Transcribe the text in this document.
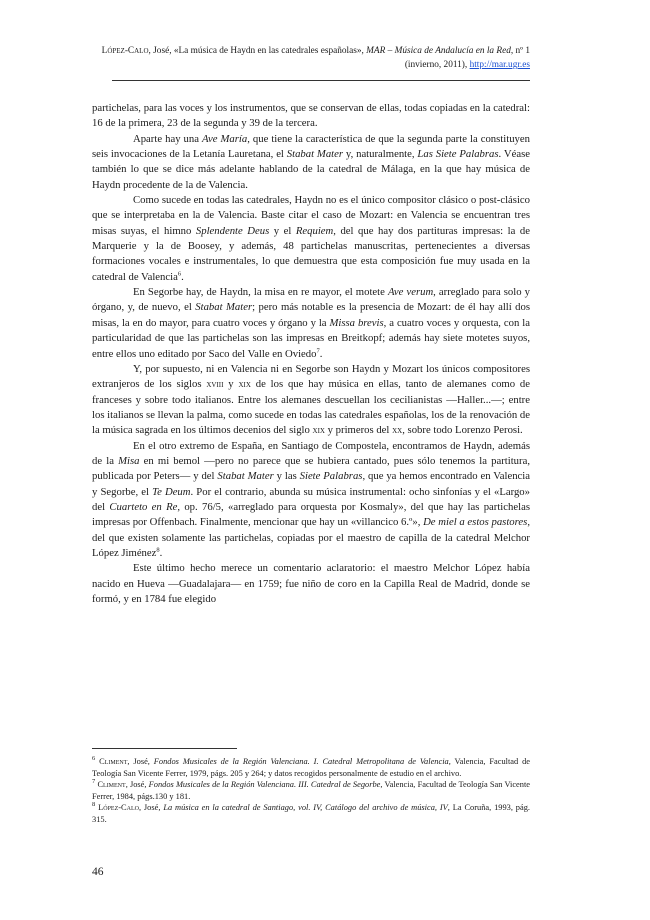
López-Calo, José, «La música de Haydn en las catedrales españolas», MAR – Música de Andalucía en la Red, nº 1 (invierno, 2011), http://mar.ugr.es

partichelas, para las voces y los instrumentos, que se conservan de ellas, todas copiadas en la catedral: 16 de la primera, 23 de la segunda y 39 de la tercera.

Aparte hay una Ave María, que tiene la característica de que la segunda parte la constituyen seis invocaciones de la Letanía Lauretana, el Stabat Mater y, naturalmente, Las Siete Palabras. Véase también lo que se dice más adelante hablando de la catedral de Málaga, en la que hay música de Haydn procedente de la de Valencia.

Como sucede en todas las catedrales, Haydn no es el único compositor clásico o post-clásico que se interpretaba en la de Valencia. Baste citar el caso de Mozart: en Valencia se encuentran tres misas suyas, el himno Splendente Deus y el Requiem, del que hay dos partituras impresas: la de Marquerie y la de Boosey, y además, 48 partichelas manuscritas, pertenecientes a diversas formaciones vocales e instrumentales, lo que demuestra que esta composición fue muy usada en la catedral de Valencia$^6$.

En Segorbe hay, de Haydn, la misa en re mayor, el motete Ave verum, arreglado para solo y órgano, y, de nuevo, el Stabat Mater; pero más notable es la presencia de Mozart: de él hay allí dos misas, la en do mayor, para cuatro voces y órgano y la Missa brevis, a cuatro voces y orquesta, con la particularidad de que las partichelas son las impresas en Breitkopf; además hay siete motetes suyos, entre ellos uno editado por Saco del Valle en Oviedo$^7$.

Y, por supuesto, ni en Valencia ni en Segorbe son Haydn y Mozart los únicos compositores extranjeros de los siglos xviii y xix de los que hay música en ellas, tanto de alemanes como de franceses y sobre todo italianos. Entre los alemanes descuellan los cecilianistas —Haller...—; entre los italianos se llevan la palma, como sucede en todas las catedrales españolas, los de la renovación de la música sagrada en los últimos decenios del siglo xix y primeros del xx, sobre todo Lorenzo Perosi.

En el otro extremo de España, en Santiago de Compostela, encontramos de Haydn, además de la Misa en mi bemol —pero no parece que se hubiera cantado, pues sólo tenemos la partitura, publicada por Peters— y del Stabat Mater y las Siete Palabras, que ya hemos encontrado en Valencia y Segorbe, el Te Deum. Por el contrario, abunda su música instrumental: ocho sinfonías y el «Largo» del Cuarteto en Re, op. 76/5, «arreglado para orquesta por Kosmaly», del que hay las partichelas impresas por Offenbach. Finalmente, mencionar que hay un «villancico 6.º», De miel a estos pastores, del que existen solamente las partichelas, copiadas por el maestro de capilla de la catedral Melchor López Jiménez$^8$.

Este último hecho merece un comentario aclaratorio: el maestro Melchor López había nacido en Hueva —Guadalajara— en 1759; fue niño de coro en la Capilla Real de Madrid, donde se formó, y en 1784 fue elegido

$^6$ Climent, José, Fondos Musicales de la Región Valenciana. I. Catedral Metropolitana de Valencia, Valencia, Facultad de Teología San Vicente Ferrer, 1979, págs. 205 y 264; y datos recogidos personalmente de estudio en el archivo.

$^7$ Climent, José, Fondos Musicales de la Región Valenciana. III. Catedral de Segorbe, Valencia, Facultad de Teología San Vicente Ferrer, 1984, págs.130 y 181.

$^8$ López-Calo, José, La música en la catedral de Santiago, vol. IV, Catálogo del archivo de música, IV, La Coruña, 1993, pág. 315.

46
